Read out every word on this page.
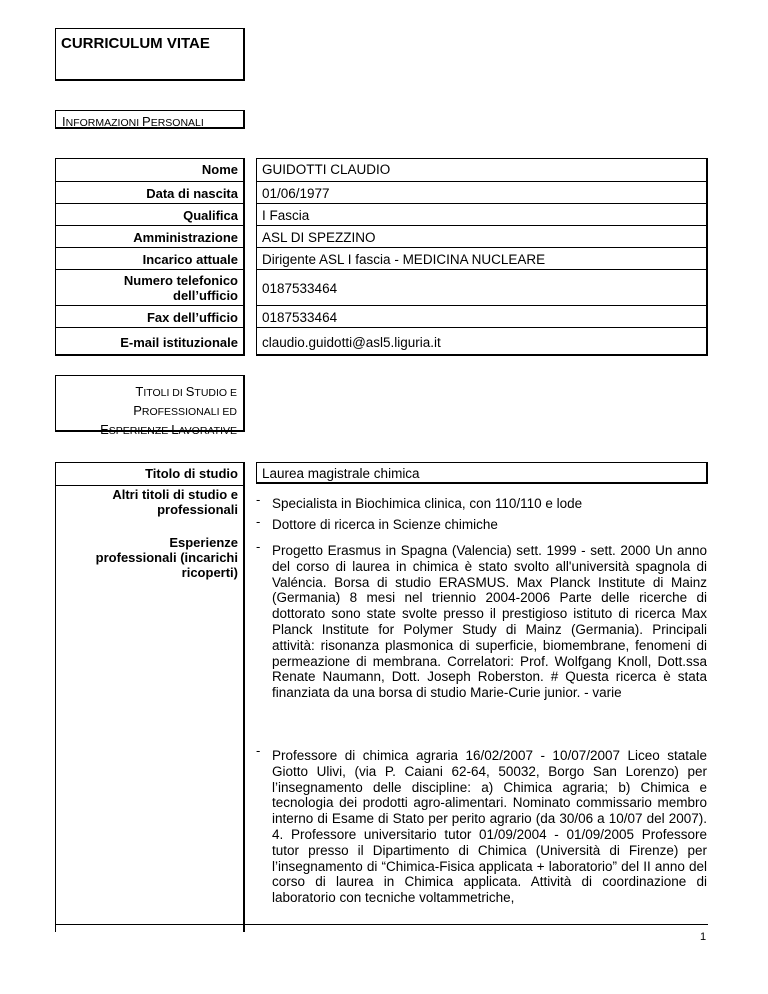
CURRICULUM VITAE
INFORMAZIONI PERSONALI
Nome
Data di nascita
Qualifica
Amministrazione
Incarico attuale
Numero telefonico dell’ufficio
Fax dell’ufficio
E-mail istituzionale
GUIDOTTI CLAUDIO
01/06/1977
I Fascia
ASL DI SPEZZINO
Dirigente ASL I fascia - MEDICINA NUCLEARE
0187533464
0187533464
claudio.guidotti@asl5.liguria.it
TITOLI DI STUDIO E
PROFESSIONALI ED
ESPERIENZE LAVORATIVE
Titolo di studio
Altri titoli di studio e professionali
Esperienze professionali (incarichi ricoperti)
Laurea magistrale chimica
- Specialista in Biochimica clinica, con 110/110 e lode
- Dottore di ricerca in Scienze chimiche
- Progetto Erasmus in Spagna (Valencia) sett. 1999 - sett. 2000 Un anno del corso di laurea in chimica è stato svolto all'università spagnola di Valéncia. Borsa di studio ERASMUS. Max Planck Institute di Mainz (Germania) 8 mesi nel triennio 2004-2006 Parte delle ricerche di dottorato sono state svolte presso il prestigioso istituto di ricerca Max Planck Institute for Polymer Study di Mainz (Germania). Principali attività: risonanza plasmonica di superficie, biomembrane, fenomeni di permeazione di membrana. Correlatori: Prof. Wolfgang Knoll, Dott.ssa Renate Naumann, Dott. Joseph Roberston. # Questa ricerca è stata finanziata da una borsa di studio Marie-Curie junior. - varie
- Professore di chimica agraria 16/02/2007 - 10/07/2007 Liceo statale Giotto Ulivi, (via P. Caiani 62-64, 50032, Borgo San Lorenzo) per l’insegnamento delle discipline: a) Chimica agraria; b) Chimica e tecnologia dei prodotti agro-alimentari. Nominato commissario membro interno di Esame di Stato per perito agrario (da 30/06 a 10/07 del 2007). 4. Professore universitario tutor 01/09/2004 - 01/09/2005 Professore tutor presso il Dipartimento di Chimica (Università di Firenze) per l’insegnamento di “Chimica-Fisica applicata + laboratorio” del II anno del corso di laurea in Chimica applicata. Attività di coordinazione di laboratorio con tecniche voltammetriche,
1
